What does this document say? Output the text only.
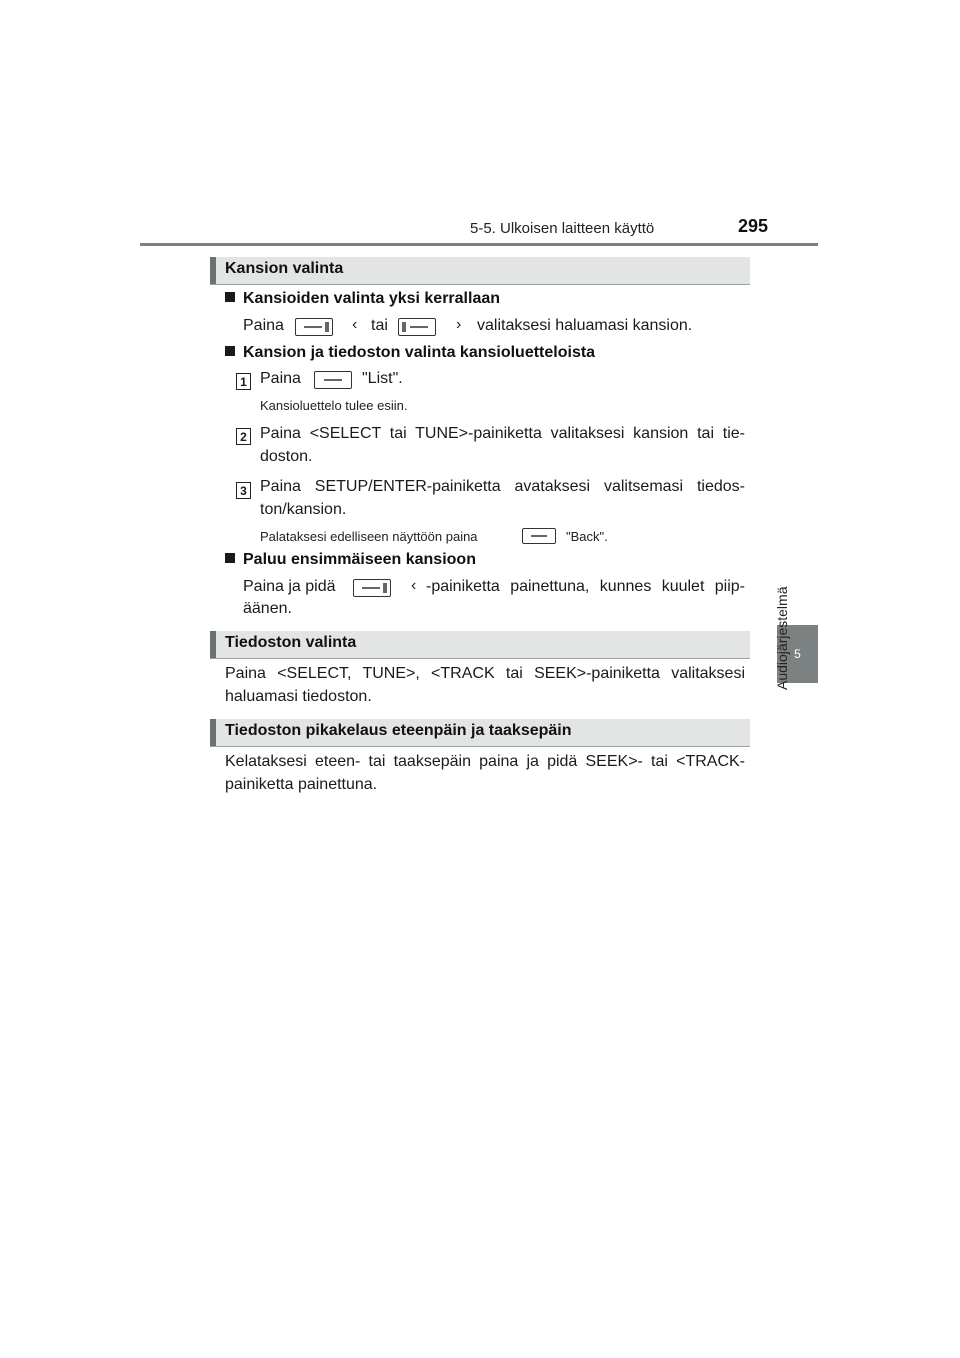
5-5. Ulkoisen laitteen käyttö	295
5
Audiojärjestelmä
Kansion valinta
Kansioiden valinta yksi kerrallaan
Paina	‹ tai	› valitaksesi haluamasi kansion.
Kansion ja tiedoston valinta kansioluetteloista
1 Paina	"List".
Kansioluettelo tulee esiin.
2 Paina <SELECT tai TUNE>-painiketta valitaksesi kansion tai tie-
doston.
3 Paina SETUP/ENTER-painiketta avataksesi valitsemasi tiedos-
ton/kansion.
Palataksesi edelliseen näyttöön paina	"Back".
Paluu ensimmäiseen kansioon
Paina ja pidä	‹ -painiketta painettuna, kunnes kuulet piip-
äänen.
Tiedoston valinta
Paina <SELECT, TUNE>, <TRACK tai SEEK>-painiketta valitaksesi
haluamasi tiedoston.
Tiedoston pikakelaus eteenpäin ja taaksepäin
Kelataksesi eteen- tai taaksepäin paina ja pidä SEEK>- tai <TRACK-
painiketta painettuna.
